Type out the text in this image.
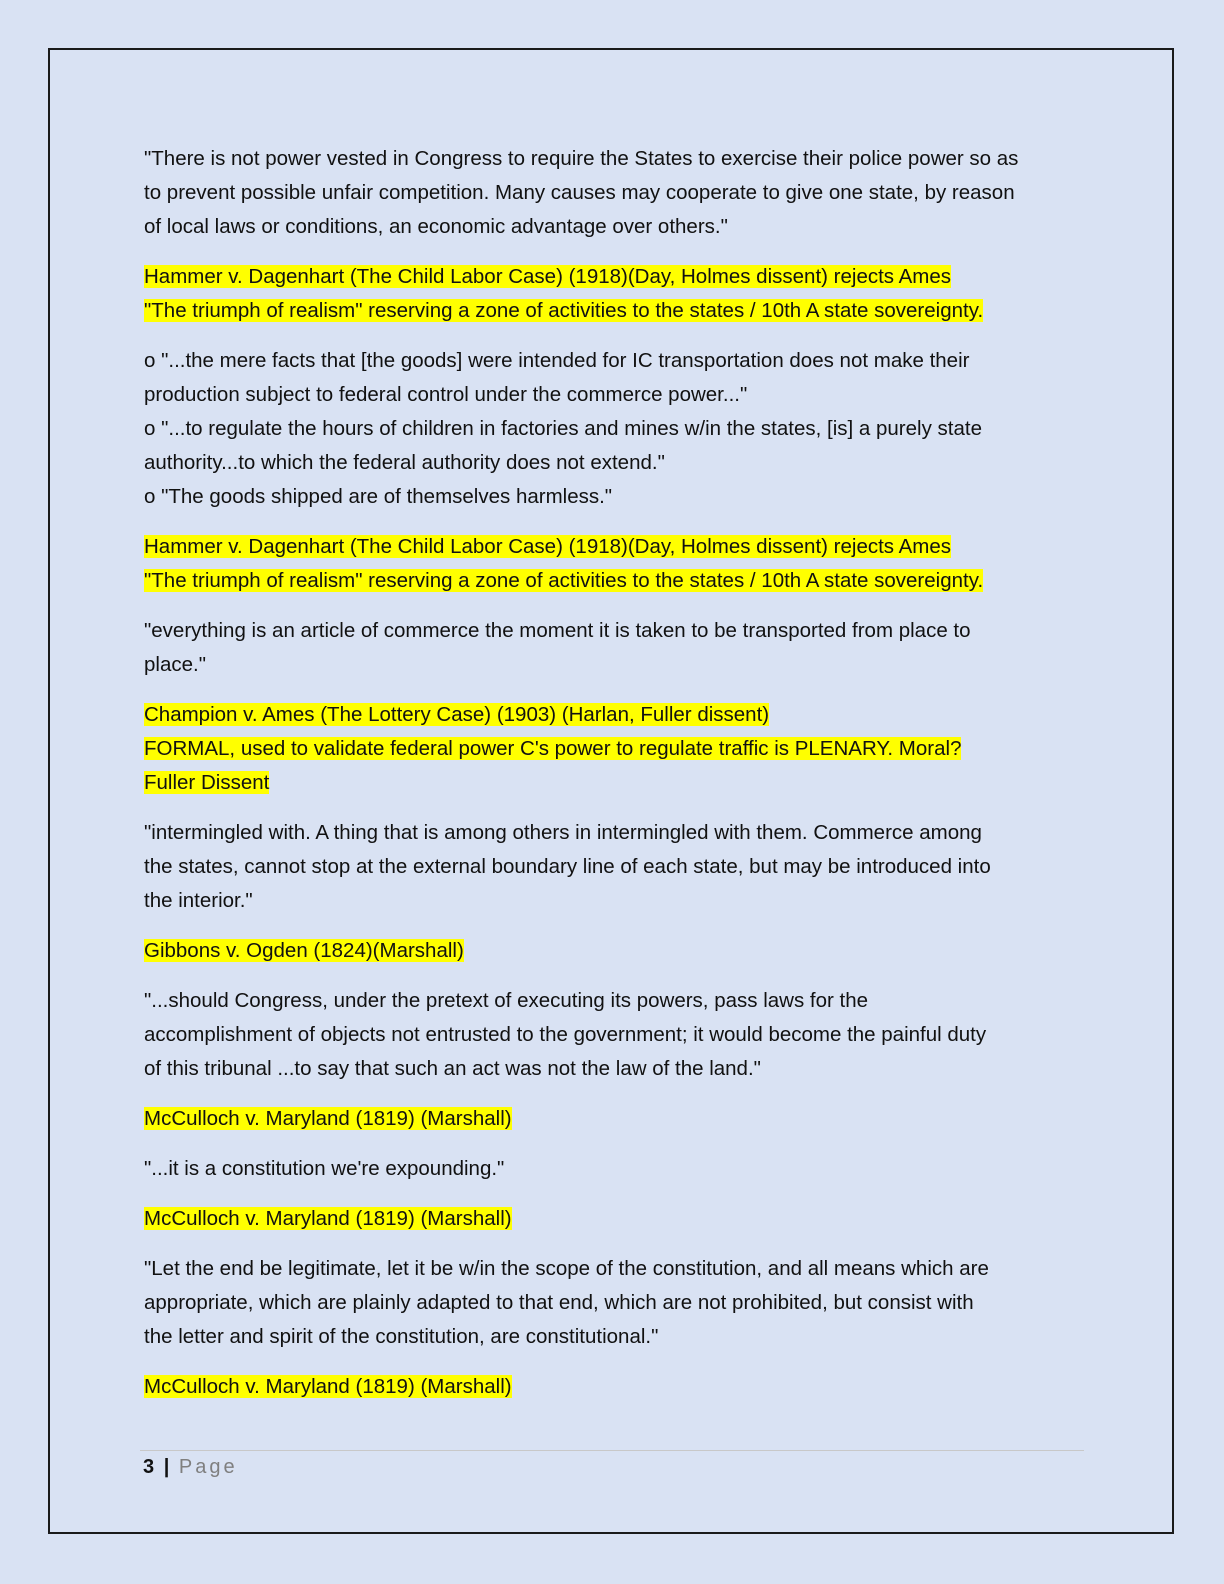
"There is not power vested in Congress to require the States to exercise their police power so as
to prevent possible unfair competition. Many causes may cooperate to give one state, by reason
of local laws or conditions, an economic advantage over others."
Hammer v. Dagenhart (The Child Labor Case) (1918)(Day, Holmes dissent) rejects Ames
"The triumph of realism" reserving a zone of activities to the states / 10th A state sovereignty.
o "...the mere facts that [the goods] were intended for IC transportation does not make their
production subject to federal control under the commerce power..."
o "...to regulate the hours of children in factories and mines w/in the states, [is] a purely state
authority...to which the federal authority does not extend."
o "The goods shipped are of themselves harmless."
Hammer v. Dagenhart (The Child Labor Case) (1918)(Day, Holmes dissent) rejects Ames
"The triumph of realism" reserving a zone of activities to the states / 10th A state sovereignty.
"everything is an article of commerce the moment it is taken to be transported from place to
place."
Champion v. Ames (The Lottery Case) (1903) (Harlan, Fuller dissent)
FORMAL, used to validate federal power C's power to regulate traffic is PLENARY. Moral?
Fuller Dissent
"intermingled with. A thing that is among others in intermingled with them. Commerce among
the states, cannot stop at the external boundary line of each state, but may be introduced into
the interior."
Gibbons v. Ogden (1824)(Marshall)
"...should Congress, under the pretext of executing its powers, pass laws for the
accomplishment of objects not entrusted to the government; it would become the painful duty
of this tribunal ...to say that such an act was not the law of the land."
McCulloch v. Maryland (1819) (Marshall)
"...it is a constitution we're expounding."
McCulloch v. Maryland (1819) (Marshall)
"Let the end be legitimate, let it be w/in the scope of the constitution, and all means which are
appropriate, which are plainly adapted to that end, which are not prohibited, but consist with
the letter and spirit of the constitution, are constitutional."
McCulloch v. Maryland (1819) (Marshall)
3 | Page
